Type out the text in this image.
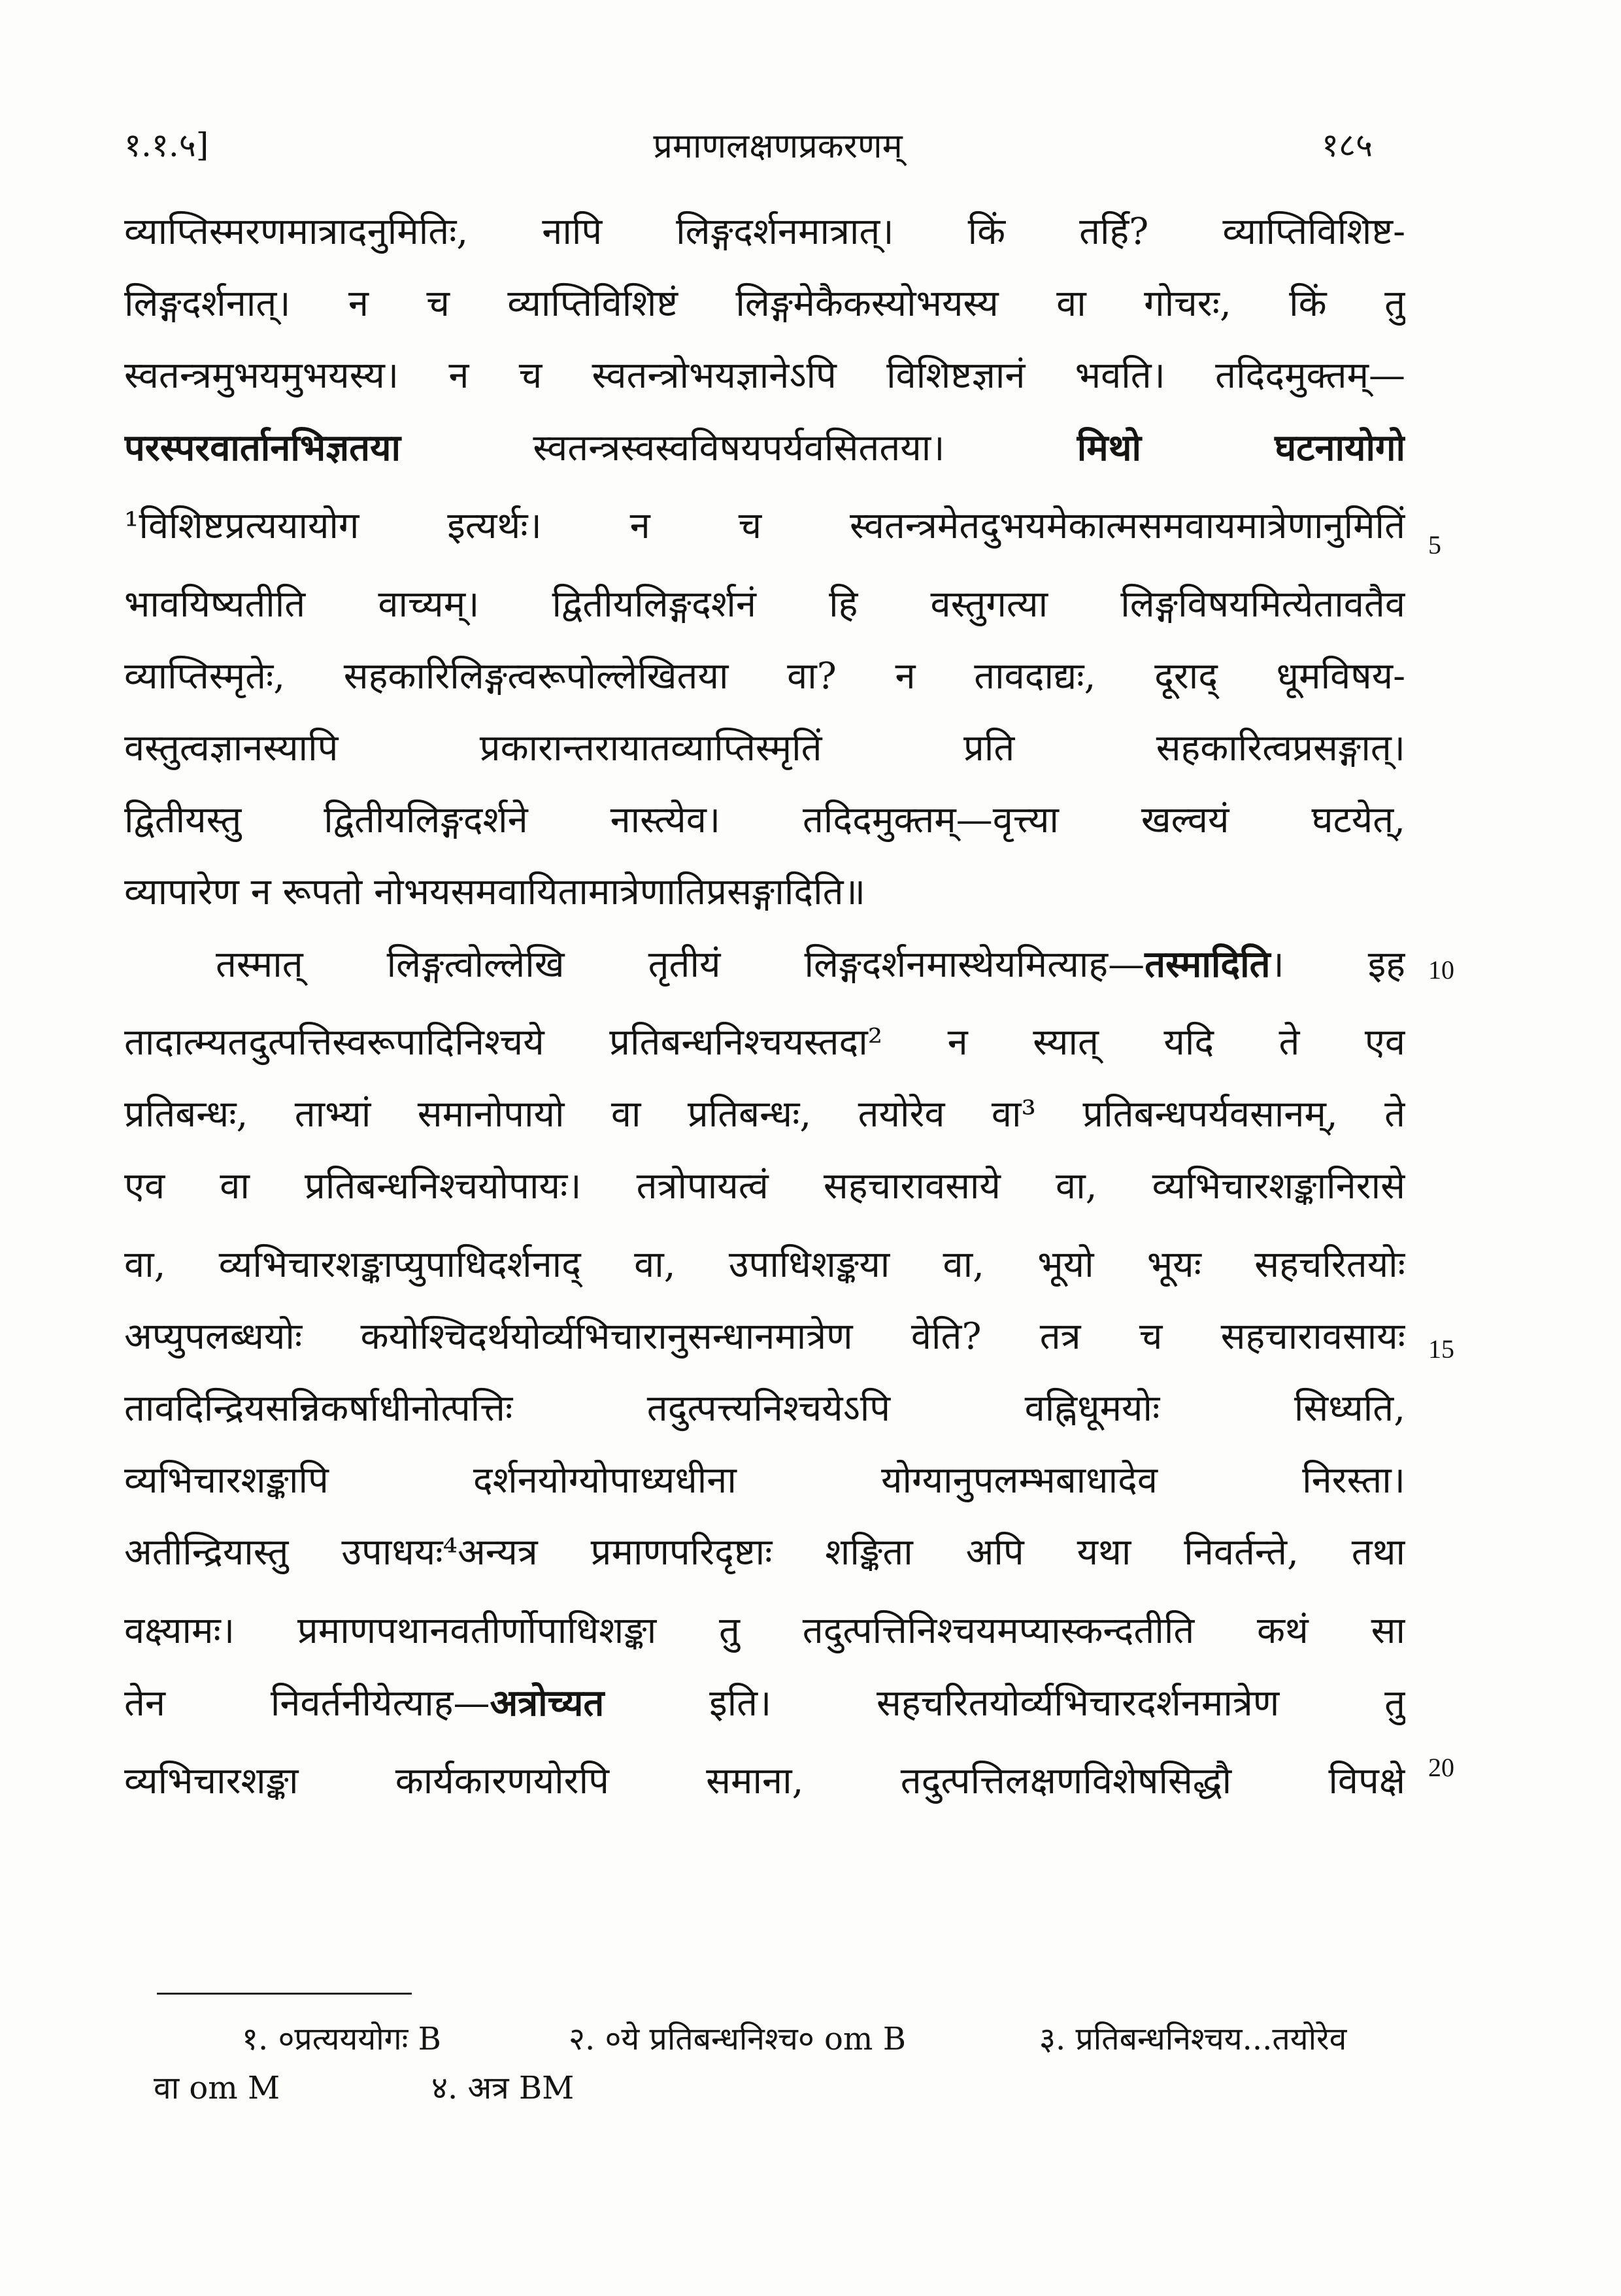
१.१.५]	प्रमाणलक्षणप्रकरणम्	१८५
व्याप्तिस्मरणमात्रादनुमितिः, नापि लिङ्गदर्शनमात्रात्। किं तर्हि? व्याप्तिविशिष्ट-
लिङ्गदर्शनात्। न च व्याप्तिविशिष्टं लिङ्गमेकैकस्योभयस्य वा गोचरः, किं तु
स्वतन्त्रमुभयमुभयस्य। न च स्वतन्त्रोभयज्ञानेऽपि विशिष्टज्ञानं भवति। तदिदमुक्तम्—
परस्परवार्तानभिज्ञतया स्वतन्त्रस्वस्वविषयपर्यवसिततया। मिथो घटनायोगो
¹विशिष्टप्रत्ययायोग इत्यर्थः। न च स्वतन्त्रमेतदुभयमेकात्मसमवायमात्रेणानुमितिं
भावयिष्यतीति वाच्यम्। द्वितीयलिङ्गदर्शनं हि वस्तुगत्या लिङ्गविषयमित्येतावतैव
व्याप्तिस्मृतेः, सहकारिलिङ्गत्वरूपोल्लेखितया वा? न तावदाद्यः, दूराद् धूमविषय-
वस्तुत्वज्ञानस्यापि प्रकारान्तरायातव्याप्तिस्मृतिं प्रति सहकारित्वप्रसङ्गात्।
द्वितीयस्तु द्वितीयलिङ्गदर्शने नास्त्येव। तदिदमुक्तम्—वृत्त्या खल्वयं घटयेत्,
व्यापारेण न रूपतो नोभयसमवायितामात्रेणातिप्रसङ्गादिति॥
तस्मात् लिङ्गत्वोल्लेखि तृतीयं लिङ्गदर्शनमास्थेयमित्याह—तस्मादिति। इह
तादात्म्यतदुत्पत्तिस्वरूपादिनिश्चये प्रतिबन्धनिश्चयस्तदा² न स्यात् यदि ते एव
प्रतिबन्धः, ताभ्यां समानोपायो वा प्रतिबन्धः, तयोरेव वा³ प्रतिबन्धपर्यवसानम्, ते
एव वा प्रतिबन्धनिश्चयोपायः। तत्रोपायत्वं सहचारावसाये वा, व्यभिचारशङ्कानिरासे
वा, व्यभिचारशङ्काप्युपाधिदर्शनाद् वा, उपाधिशङ्कया वा, भूयो भूयः सहचरितयोः
अप्युपलब्धयोः कयोश्चिदर्थयोर्व्यभिचारानुसन्धानमात्रेण वेति? तत्र च सहचारावसायः
तावदिन्द्रियसन्निकर्षाधीनोत्पत्तिः तदुत्पत्त्यनिश्चयेऽपि वह्निधूमयोः सिध्यति,
व्यभिचारशङ्कापि दर्शनयोग्योपाध्यधीना योग्यानुपलम्भबाधादेव निरस्ता।
अतीन्द्रियास्तु उपाधयः⁴अन्यत्र प्रमाणपरिदृष्टाः शङ्किता अपि यथा निवर्तन्ते, तथा
वक्ष्यामः। प्रमाणपथानवतीर्णोपाधिशङ्का तु तदुत्पत्तिनिश्चयमप्यास्कन्दतीति कथं सा
तेन निवर्तनीयेत्याह—अत्रोच्यत इति। सहचरितयोर्व्यभिचारदर्शनमात्रेण तु
व्यभिचारशङ्का कार्यकारणयोरपि समाना, तदुत्पत्तिलक्षणविशेषसिद्धौ विपक्षे
5
10
15
20
१. ०प्रत्यययोगः B	२. ०ये प्रतिबन्धनिश्च० om B	३. प्रतिबन्धनिश्चय...तयोरेव
वा om M	४. अत्र BM
